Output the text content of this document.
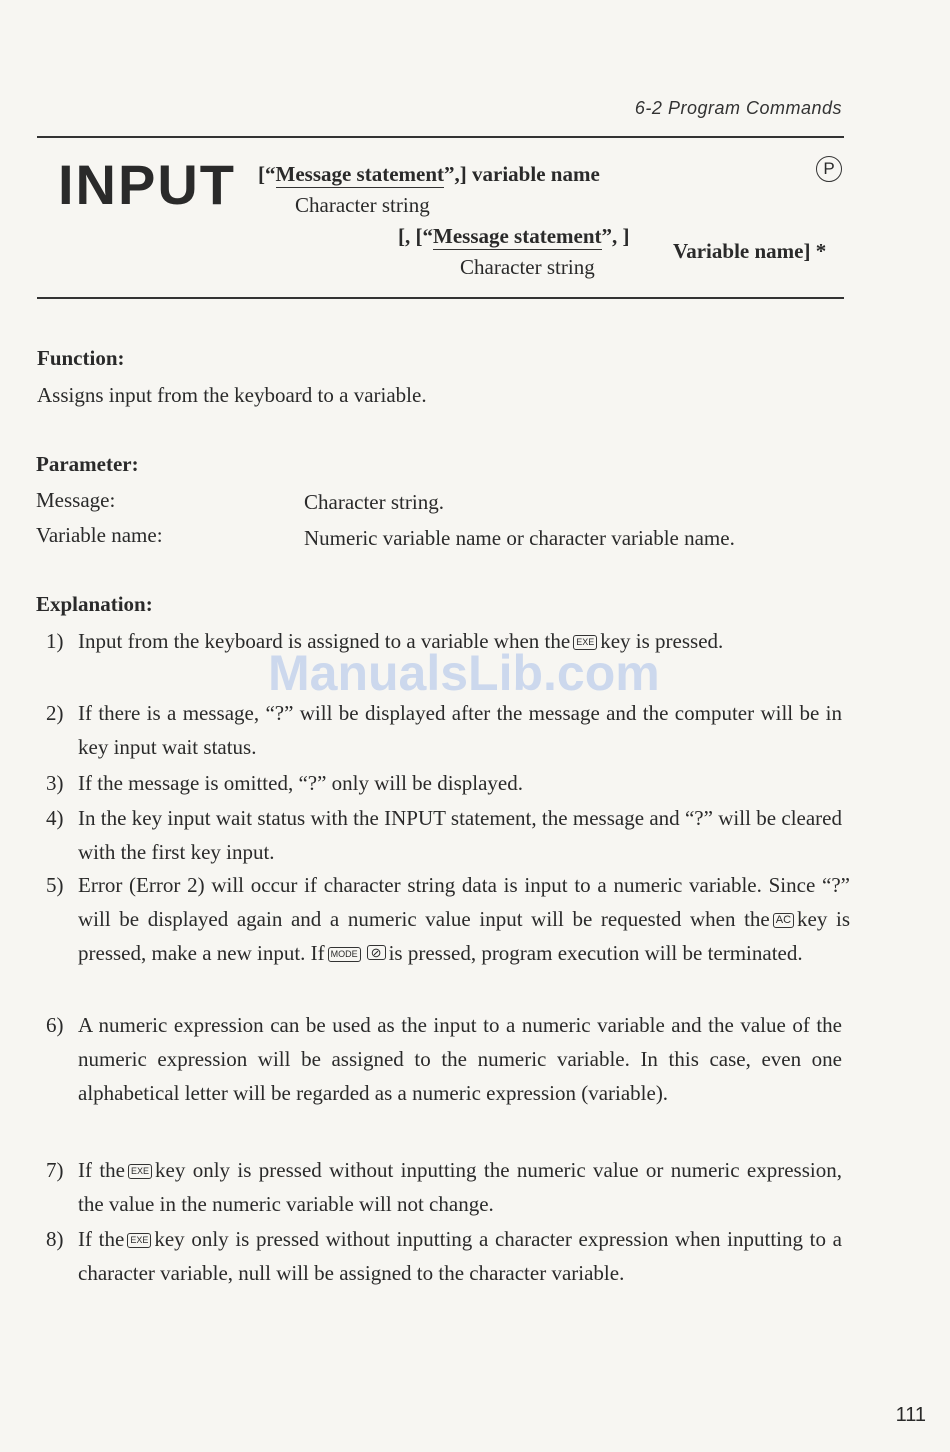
6-2 Program Commands
INPUT [“Message statement”,] variable name
Character string
[, [“Message statement”, ]
Variable name] *
Character string
P
Function:
Assigns input from the keyboard to a variable.
Parameter:
Message:	Character string.
Variable name:	Numeric variable name or character variable name.
Explanation:
1) Input from the keyboard is assigned to a variable when the EXE key is pressed.
2) If there is a message, “?” will be displayed after the message and the computer will be in key input wait status.
3) If the message is omitted, “?” only will be displayed.
4) In the key input wait status with the INPUT statement, the message and “?” will be cleared with the first key input.
5) Error (Error 2) will occur if character string data is input to a numeric variable. Since “?” will be displayed again and a numeric value input will be requested when the AC key is pressed, make a new input. If MODE ⊘ is pressed, program execution will be terminated.
6) A numeric expression can be used as the input to a numeric variable and the value of the numeric expression will be assigned to the numeric variable. In this case, even one alphabetical letter will be regarded as a numeric expression (variable).
7) If the EXE key only is pressed without inputting the numeric value or numeric expression, the value in the numeric variable will not change.
8) If the EXE key only is pressed without inputting a character expression when inputting to a character variable, null will be assigned to the character variable.
ManualsLib.com
111
